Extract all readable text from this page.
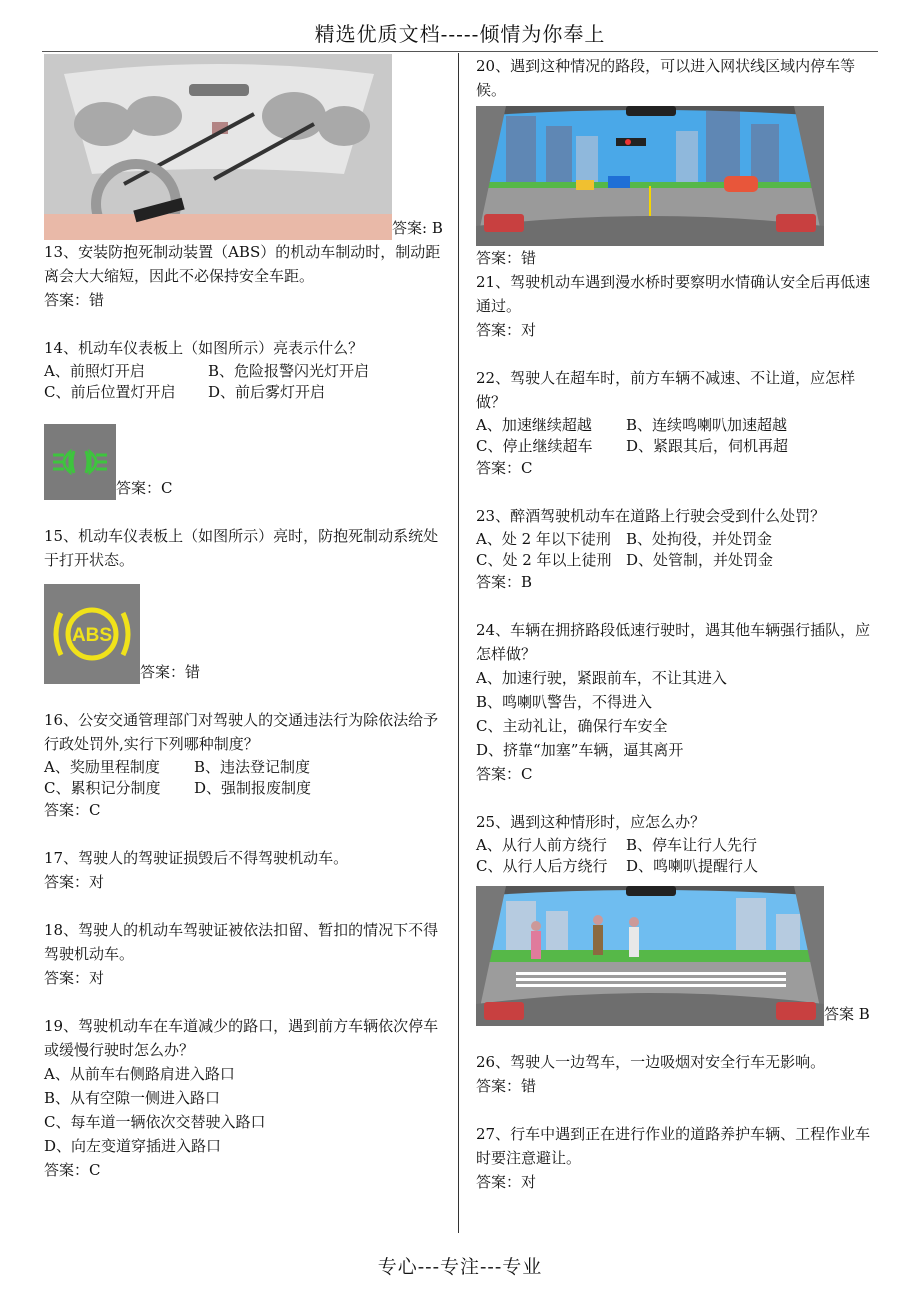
精选优质文档-----倾情为你奉上
答案: B
13、安装防抱死制动装置（ABS）的机动车制动时，制动距离会大大缩短，因此不必保持安全车距。
答案：错
14、机动车仪表板上（如图所示）亮表示什么？
A、前照灯开启	B、危险报警闪光灯开启
C、前后位置灯开启	D、前后雾灯开启
答案：C
15、机动车仪表板上（如图所示）亮时，防抱死制动系统处于打开状态。
ABS
答案：错
16、公安交通管理部门对驾驶人的交通违法行为除依法给予行政处罚外,实行下列哪种制度？
A、奖励里程制度	B、违法登记制度
C、累积记分制度	D、强制报废制度
答案：C
17、驾驶人的驾驶证损毁后不得驾驶机动车。
答案：对
18、驾驶人的机动车驾驶证被依法扣留、暂扣的情况下不得驾驶机动车。
答案：对
19、驾驶机动车在车道减少的路口，遇到前方车辆依次停车或缓慢行驶时怎么办？
A、从前车右侧路肩进入路口
B、从有空隙一侧进入路口
C、每车道一辆依次交替驶入路口
D、向左变道穿插进入路口
答案：C
20、遇到这种情况的路段，可以进入网状线区域内停车等候。
答案：错
21、驾驶机动车遇到漫水桥时要察明水情确认安全后再低速通过。
答案：对
22、驾驶人在超车时，前方车辆不减速、不让道，应怎样做？
A、加速继续超越	B、连续鸣喇叭加速超越
C、停止继续超车	D、紧跟其后，伺机再超
答案：C
23、醉酒驾驶机动车在道路上行驶会受到什么处罚？
A、处 2 年以下徒刑	B、处拘役，并处罚金
C、处 2 年以上徒刑 D、处管制，并处罚金
答案：B
24、车辆在拥挤路段低速行驶时，遇其他车辆强行插队，应怎样做？
A、加速行驶，紧跟前车，不让其进入
B、鸣喇叭警告，不得进入
C、主动礼让，确保行车安全
D、挤靠“加塞”车辆，逼其离开
答案：C
25、遇到这种情形时，应怎么办？
A、从行人前方绕行	B、停车让行人先行
C、从行人后方绕行	D、鸣喇叭提醒行人
答案 B
26、驾驶人一边驾车，一边吸烟对安全行车无影响。
答案：错
27、行车中遇到正在进行作业的道路养护车辆、工程作业车时要注意避让。
答案：对
专心---专注---专业
